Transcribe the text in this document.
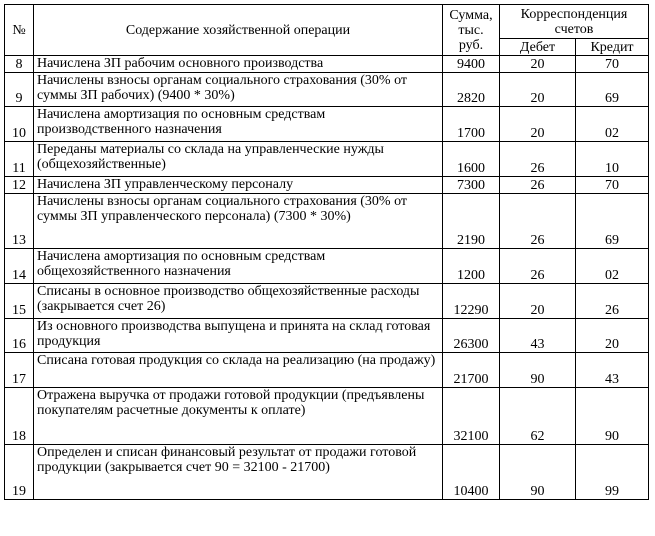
№	Содержание хозяйственной операции	Сумма, тыс. руб.	Корреспонденция счетов	
			Дебет	Кредит
8	Начислена ЗП рабочим основного производства	9400	20	70
9	Начислены взносы органам социального страхования (30% от суммы ЗП рабочих) (9400 * 30%)	2820	20	69
10	Начислена амортизация по основным средствам производственного назначения	1700	20	02
11	Переданы материалы со склада на управленческие нужды (общехозяйственные)	1600	26	10
12	Начислена ЗП управленческому персоналу	7300	26	70
13	Начислены взносы органам социального страхования (30% от суммы ЗП управленческого персонала) (7300 * 30%)	2190	26	69
14	Начислена амортизация по основным средствам общехозяйственного назначения	1200	26	02
15	Списаны в основное производство общехозяйственные расходы (закрывается счет 26)	12290	20	26
16	Из основного производства выпущена и принята на склад готовая продукция	26300	43	20
17	Списана готовая продукция со склада на реализацию (на продажу)	21700	90	43
18	Отражена выручка от продажи готовой продукции (предъявлены покупателям расчетные документы к оплате)	32100	62	90
19	Определен и списан финансовый результат от продажи готовой продукции (закрывается счет 90 = 32100 - 21700)	10400	90	99
